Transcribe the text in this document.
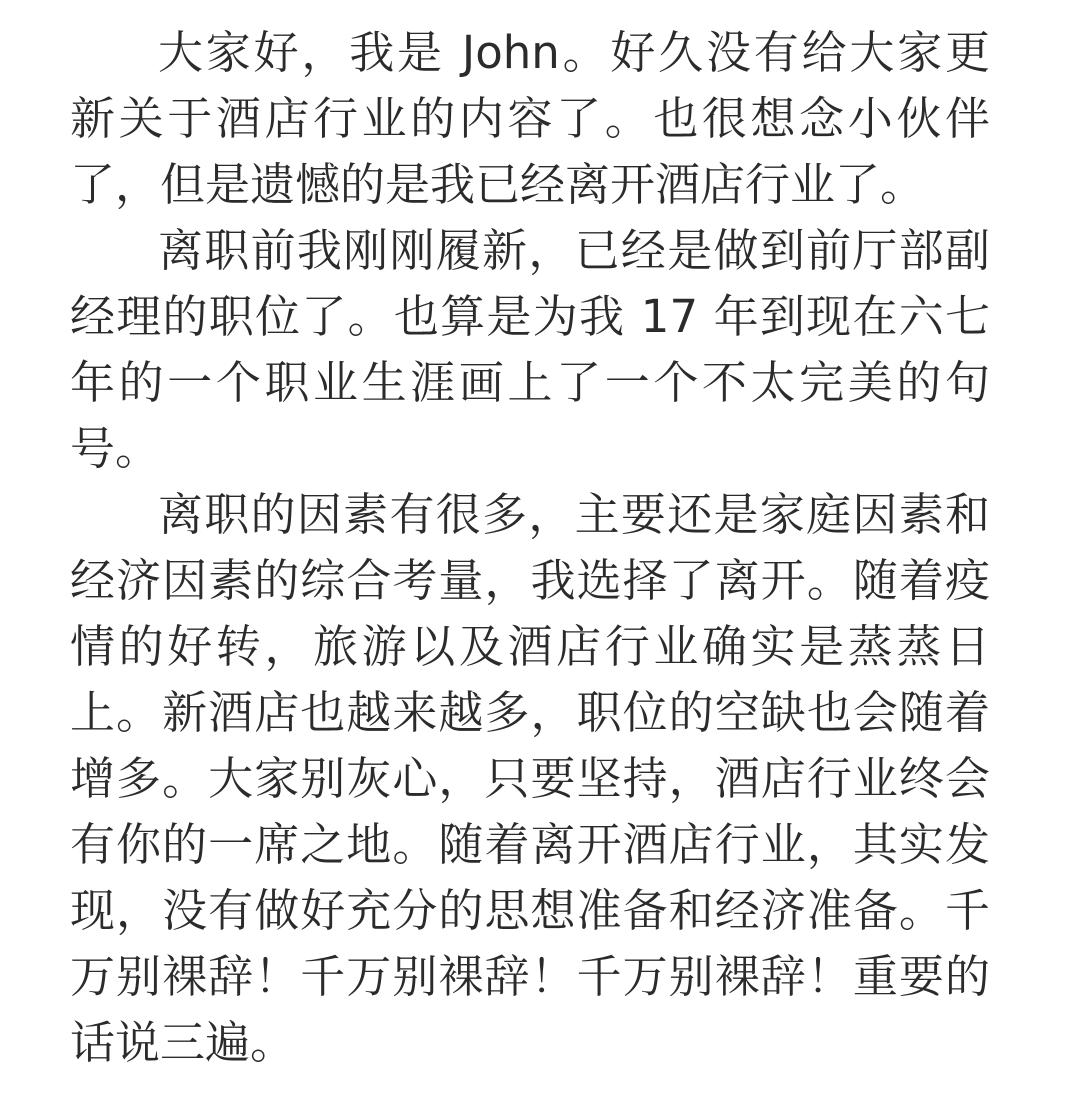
大家好，我是 John。好久没有给大家更新关于酒店行业的内容了。也很想念小伙伴了，但是遗憾的是我已经离开酒店行业了。

离职前我刚刚履新，已经是做到前厅部副经理的职位了。也算是为我 17 年到现在六七年的一个职业生涯画上了一个不太完美的句号。

离职的因素有很多，主要还是家庭因素和经济因素的综合考量，我选择了离开。随着疫情的好转，旅游以及酒店行业确实是蒸蒸日上。新酒店也越来越多，职位的空缺也会随着增多。大家别灰心，只要坚持，酒店行业终会有你的一席之地。随着离开酒店行业，其实发现，没有做好充分的思想准备和经济准备。千万别裸辞！千万别裸辞！千万别裸辞！重要的话说三遍。
